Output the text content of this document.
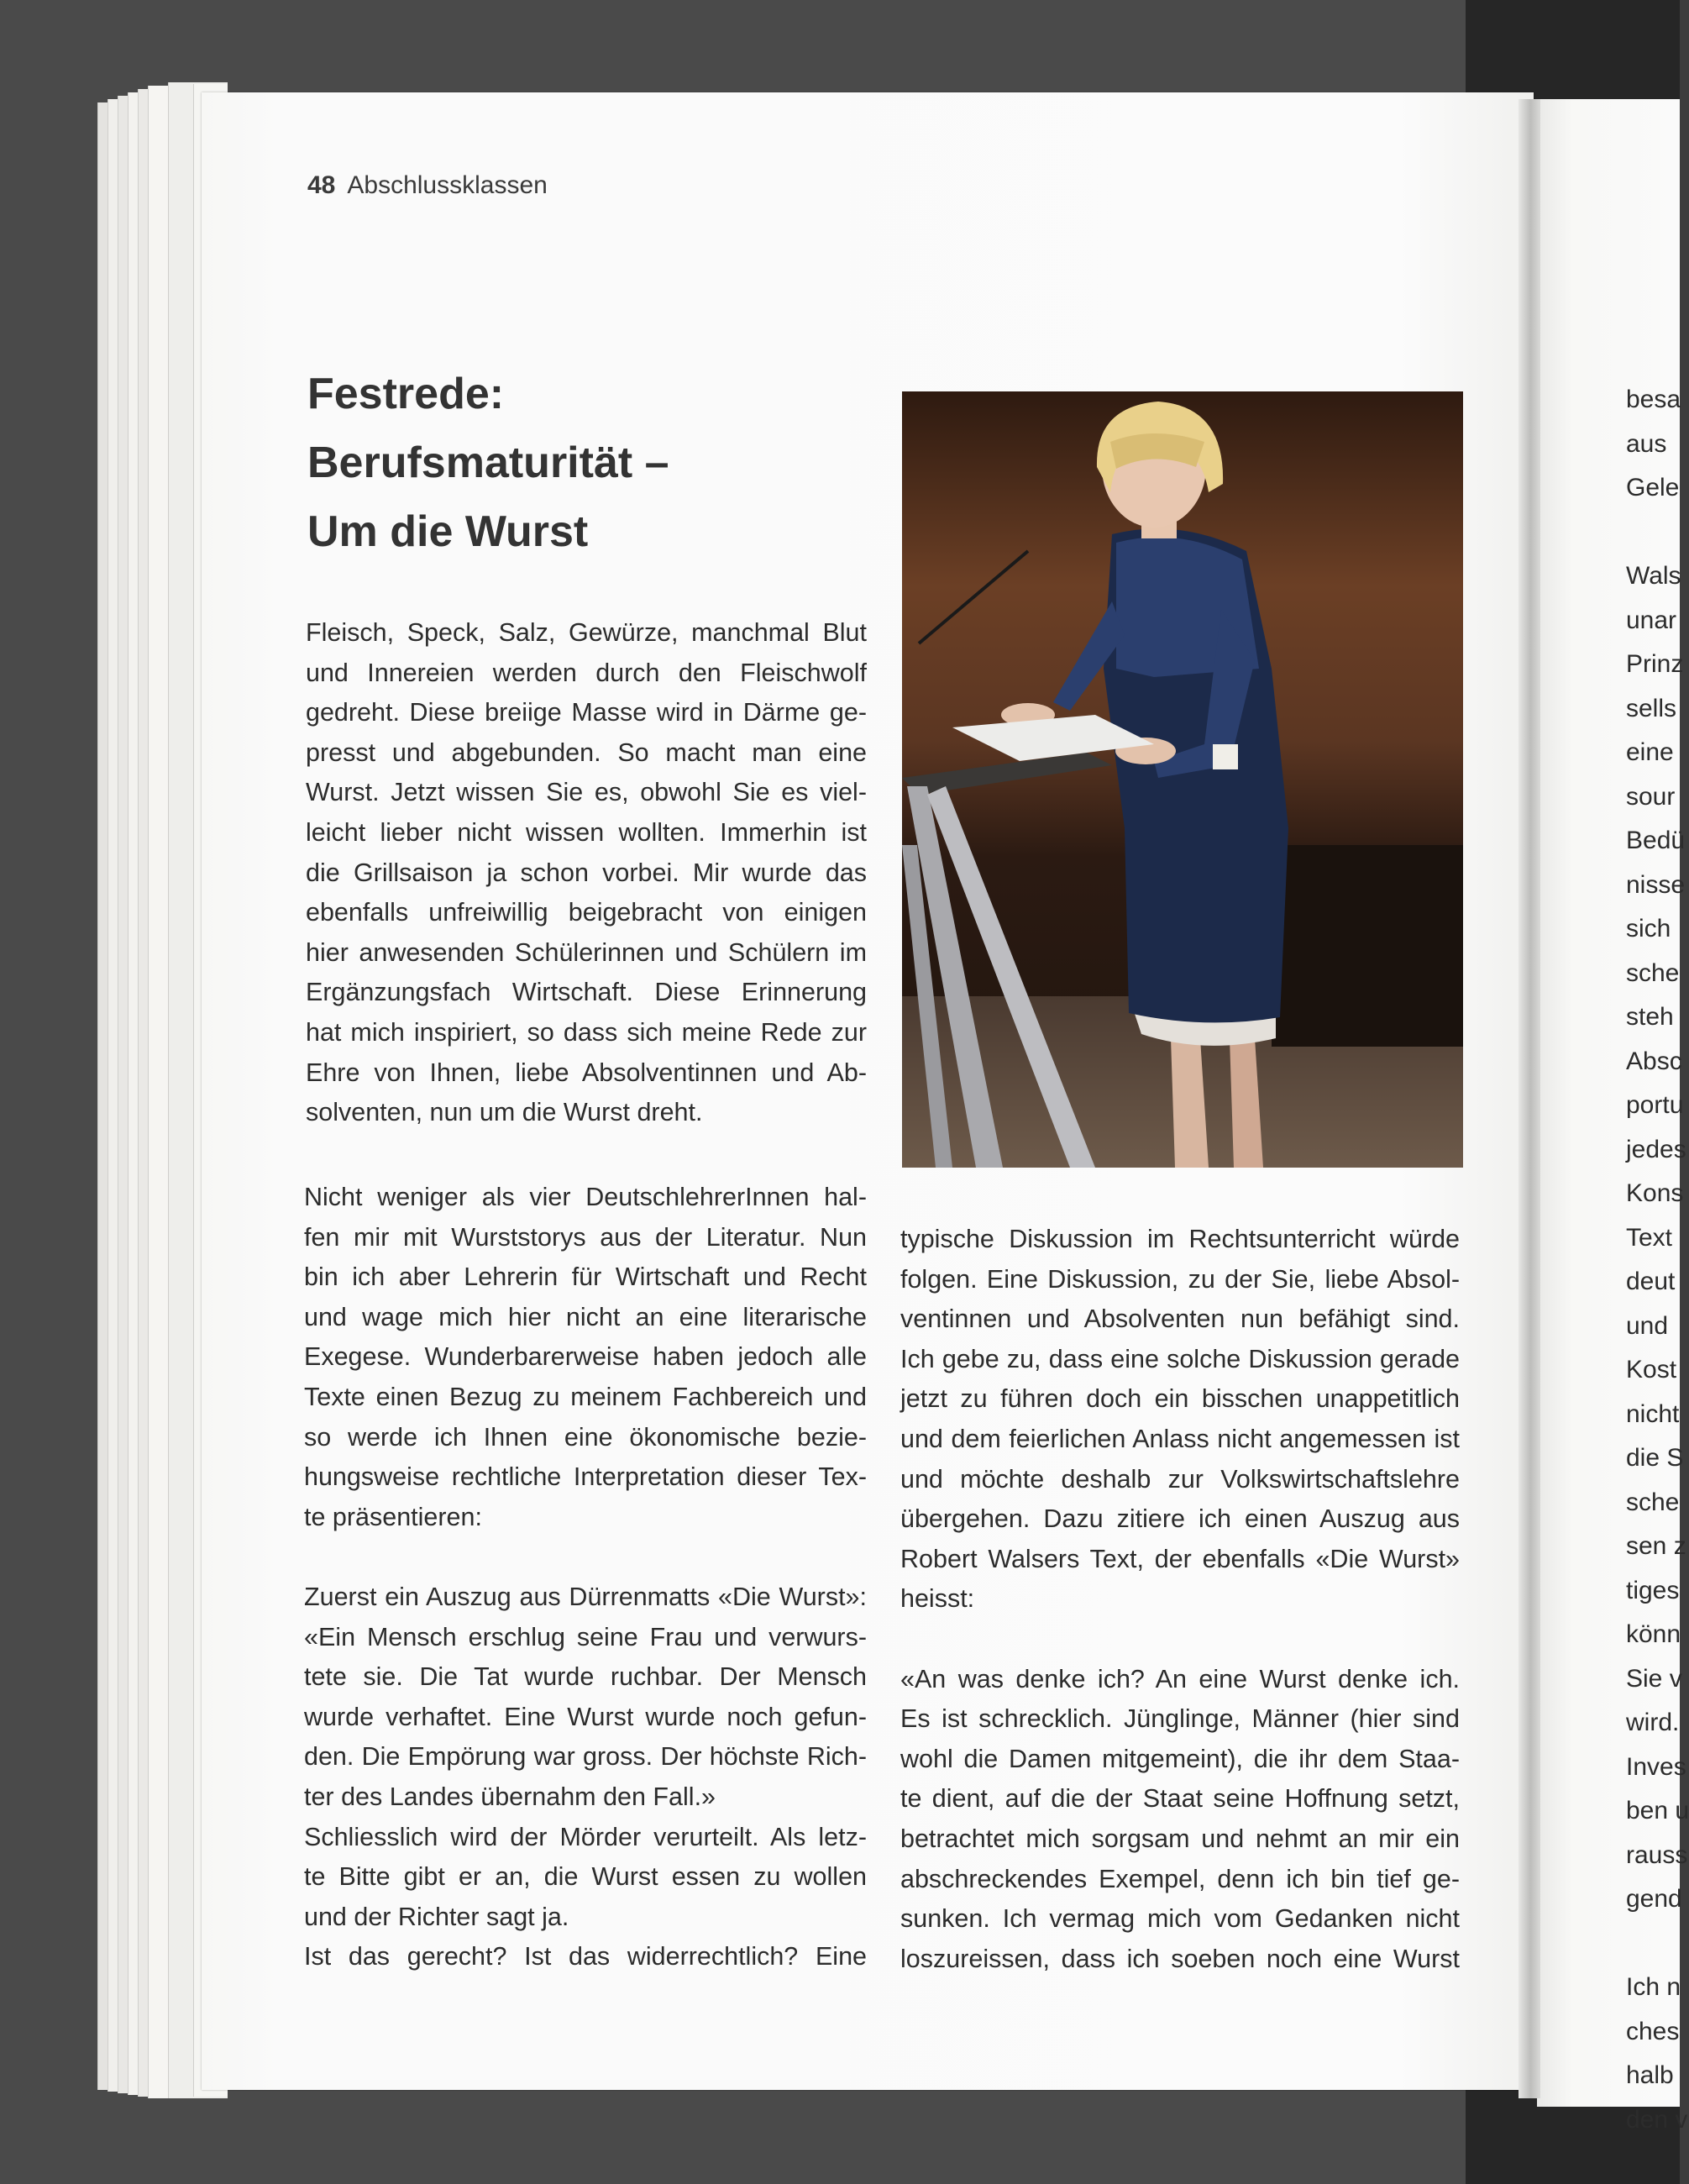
48 Abschlussklassen
Festrede:
Berufsmaturität –
Um die Wurst
Fleisch, Speck, Salz, Gewürze, manchmal Blut
und Innereien werden durch den Fleischwolf
gedreht. Diese breiige Masse wird in Därme ge-
presst und abgebunden. So macht man eine
Wurst. Jetzt wissen Sie es, obwohl Sie es viel-
leicht lieber nicht wissen wollten. Immerhin ist
die Grillsaison ja schon vorbei. Mir wurde das
ebenfalls unfreiwillig beigebracht von einigen
hier anwesenden Schülerinnen und Schülern im
Ergänzungsfach Wirtschaft. Diese Erinnerung
hat mich inspiriert, so dass sich meine Rede zur
Ehre von Ihnen, liebe Absolventinnen und Ab-
solventen, nun um die Wurst dreht.
Nicht weniger als vier DeutschlehrerInnen hal-
fen mir mit Wurststorys aus der Literatur. Nun
bin ich aber Lehrerin für Wirtschaft und Recht
und wage mich hier nicht an eine literarische
Exegese. Wunderbarerweise haben jedoch alle
Texte einen Bezug zu meinem Fachbereich und
so werde ich Ihnen eine ökonomische bezie-
hungsweise rechtliche Interpretation dieser Tex-
te präsentieren:
Zuerst ein Auszug aus Dürrenmatts «Die Wurst»:
«Ein Mensch erschlug seine Frau und verwurs-
tete sie. Die Tat wurde ruchbar. Der Mensch
wurde verhaftet. Eine Wurst wurde noch gefun-
den. Die Empörung war gross. Der höchste Rich-
ter des Landes übernahm den Fall.»
Schliesslich wird der Mörder verurteilt. Als letz-
te Bitte gibt er an, die Wurst essen zu wollen
und der Richter sagt ja.
Ist das gerecht? Ist das widerrechtlich? Eine
typische Diskussion im Rechtsunterricht würde
folgen. Eine Diskussion, zu der Sie, liebe Absol-
ventinnen und Absolventen nun befähigt sind.
Ich gebe zu, dass eine solche Diskussion gerade
jetzt zu führen doch ein bisschen unappetitlich
und dem feierlichen Anlass nicht angemessen ist
und möchte deshalb zur Volkswirtschaftslehre
übergehen. Dazu zitiere ich einen Auszug aus
Robert Walsers Text, der ebenfalls «Die Wurst»
heisst:
«An was denke ich? An eine Wurst denke ich.
Es ist schrecklich. Jünglinge, Männer (hier sind
wohl die Damen mitgemeint), die ihr dem Staa-
te dient, auf die der Staat seine Hoffnung setzt,
betrachtet mich sorgsam und nehmt an mir ein
abschreckendes Exempel, denn ich bin tief ge-
sunken. Ich vermag mich vom Gedanken nicht
loszureissen, dass ich soeben noch eine Wurst
besa
aus
Gele
Wals
unar
Prinz
sells
eine
sour
Bedü
nisse
sich
sche
steh
Absc
portu
jedes
Kons
Text
deut
und
Kost
nicht
die S
sche
sen z
tiges
könn
Sie v
wird.
Inves
ben u
rauss
gend
Ich n
ches
halb
den v
